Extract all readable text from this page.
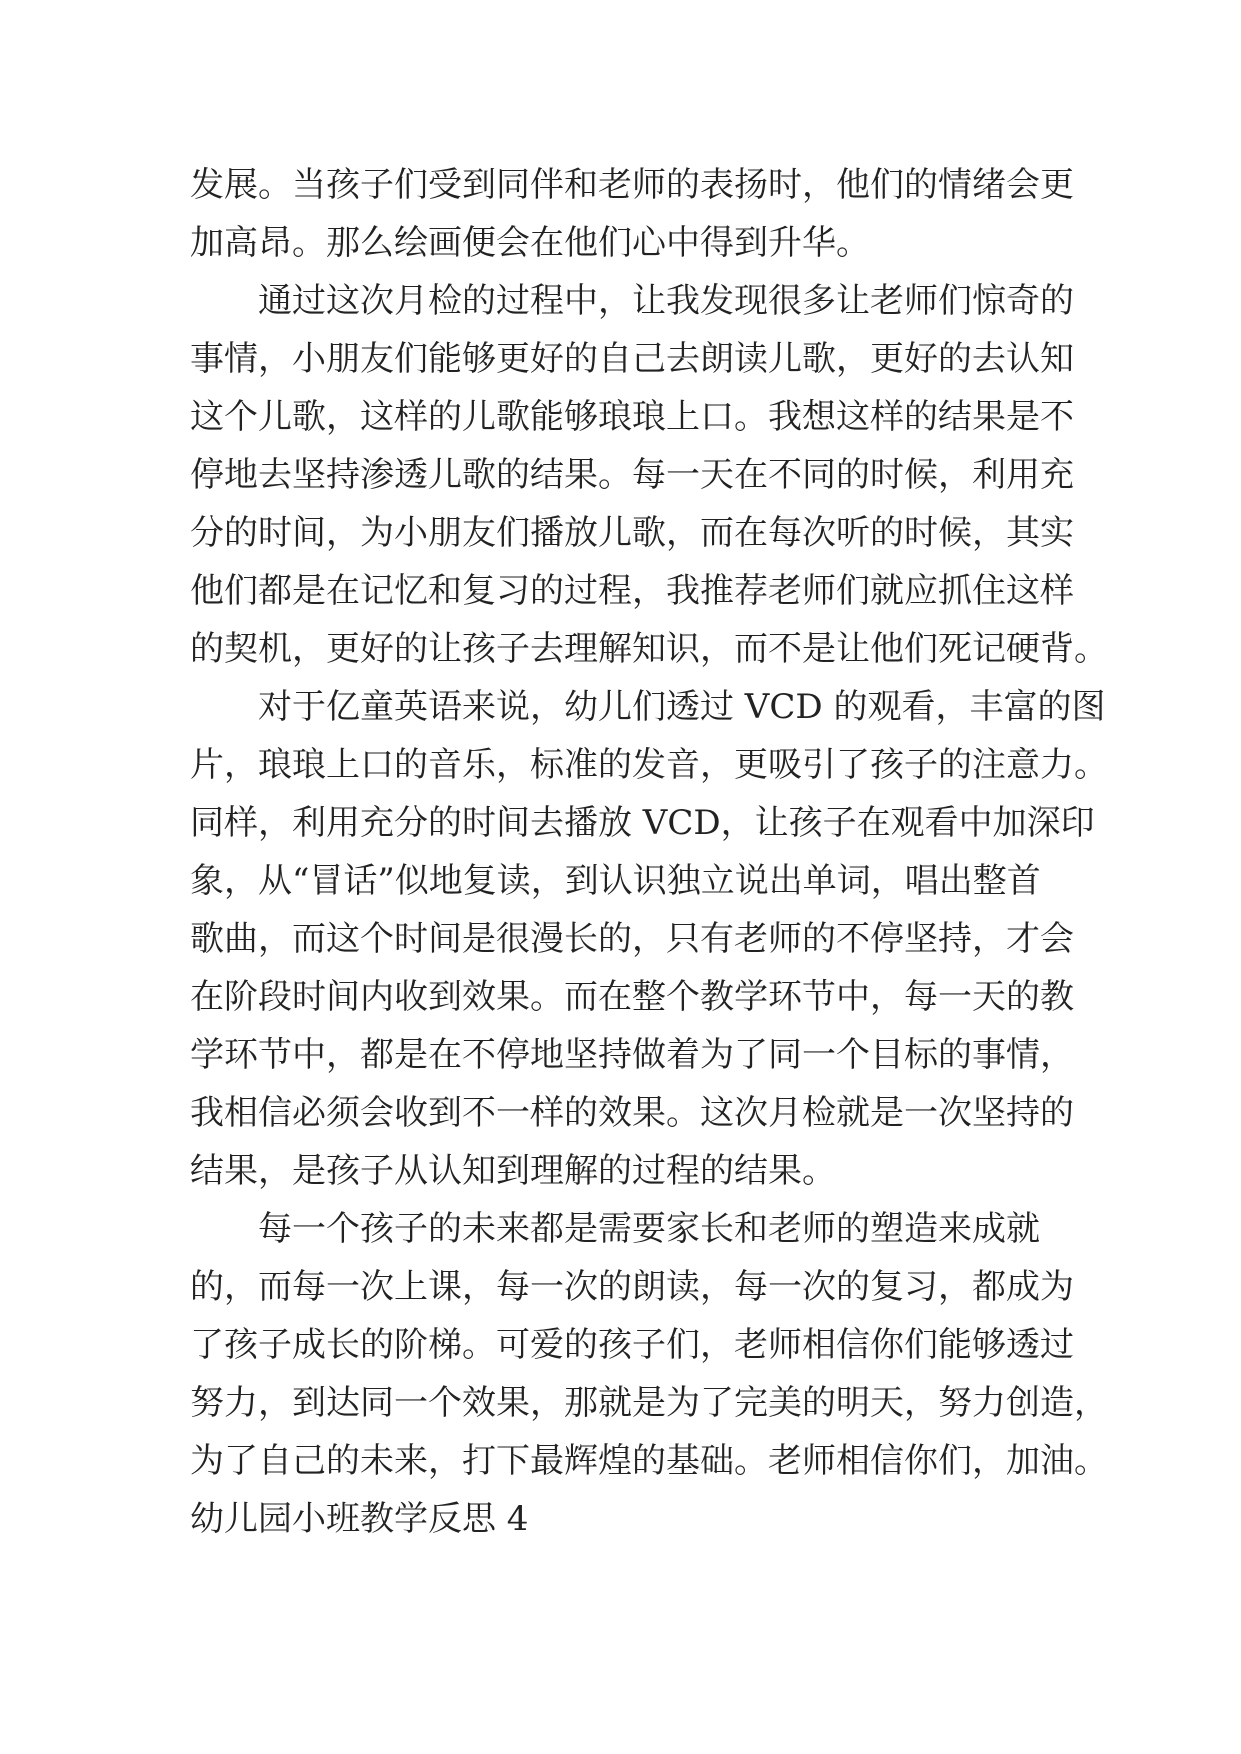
发展。当孩子们受到同伴和老师的表扬时，他们的情绪会更
加高昂。那么绘画便会在他们心中得到升华。
通过这次月检的过程中，让我发现很多让老师们惊奇的
事情，小朋友们能够更好的自己去朗读儿歌，更好的去认知
这个儿歌，这样的儿歌能够琅琅上口。我想这样的结果是不
停地去坚持渗透儿歌的结果。每一天在不同的时候，利用充
分的时间，为小朋友们播放儿歌，而在每次听的时候，其实
他们都是在记忆和复习的过程，我推荐老师们就应抓住这样
的契机，更好的让孩子去理解知识，而不是让他们死记硬背。
对于亿童英语来说，幼儿们透过 VCD 的观看，丰富的图
片，琅琅上口的音乐，标准的发音，更吸引了孩子的注意力。
同样，利用充分的时间去播放 VCD，让孩子在观看中加深印
象，从“冒话”似地复读，到认识独立说出单词，唱出整首
歌曲，而这个时间是很漫长的，只有老师的不停坚持，才会
在阶段时间内收到效果。而在整个教学环节中，每一天的教
学环节中，都是在不停地坚持做着为了同一个目标的事情，
我相信必须会收到不一样的效果。这次月检就是一次坚持的
结果，是孩子从认知到理解的过程的结果。
每一个孩子的未来都是需要家长和老师的塑造来成就
的，而每一次上课，每一次的朗读，每一次的复习，都成为
了孩子成长的阶梯。可爱的孩子们，老师相信你们能够透过
努力，到达同一个效果，那就是为了完美的明天，努力创造，
为了自己的未来，打下最辉煌的基础。老师相信你们，加油。
幼儿园小班教学反思 4
